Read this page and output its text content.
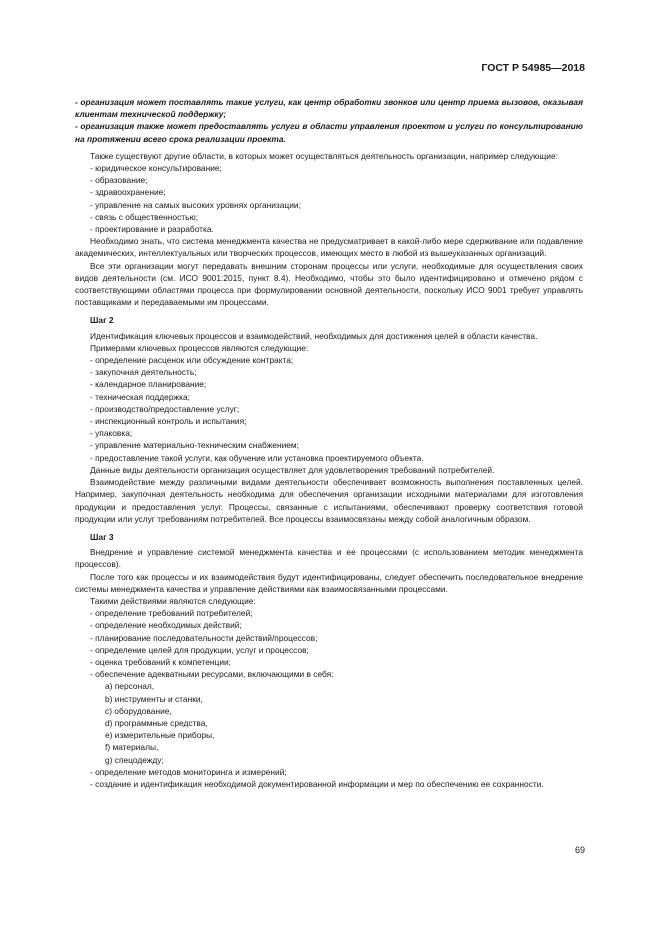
ГОСТ Р 54985—2018

- организация может поставлять такие услуги, как центр обработки звонков или центр приема вызовов, оказывая клиентам технической поддержку;

- организация также может предоставлять услуги в области управления проектом и услуги по консультированию на протяжении всего срока реализации проекта.

Также существуют другие области, в которых может осуществляться деятельность организации, например следующие:

- юридическое консультирование;

- образование;

- здравоохранение;

- управление на самых высоких уровнях организации;

- связь с общественностью;

- проектирование и разработка.

Необходимо знать, что система менеджмента качества не предусматривает в какой-либо мере сдерживание или подавление академических, интеллектуальных или творческих процессов, имеющих место в любой из вышеуказанных организаций.

Все эти организации могут передавать внешним сторонам процессы или услуги, необходимые для осуществления своих видов деятельности (см. ИСО 9001:2015, пункт 8.4). Необходимо, чтобы это было идентифицировано и отмечено рядом с соответствующими областями процесса при формулировании основной деятельности, поскольку ИСО 9001 требует управлять поставщиками и передаваемыми им процессами.

Шаг 2

Идентификация ключевых процессов и взаимодействий, необходимых для достижения целей в области качества.

Примерами ключевых процессов являются следующие:

- определение расценок или обсуждение контракта;

- закупочная деятельность;

- календарное планирование;

- техническая поддержка;

- производство/предоставление услуг;

- инспекционный контроль и испытания;

- упаковка;

- управление материально-техническим снабжением;

- предоставление такой услуги, как обучение или установка проектируемого объекта.

Данные виды деятельности организация осуществляет для удовлетворения требований потребителей.

Взаимодействие между различными видами деятельности обеспечивает возможность выполнения поставленных целей. Например, закупочная деятельность необходима для обеспечения организации исходными материалами для изготовления продукции и предоставления услуг. Процессы, связанные с испытаниями, обеспечивают проверку соответствия готовой продукции или услуг требованиям потребителей. Все процессы взаимосвязаны между собой аналогичным образом.

Шаг 3

Внедрение и управление системой менеджмента качества и ее процессами (с использованием методик менеджмента процессов).

После того как процессы и их взаимодействия будут идентифицированы, следует обеспечить последовательное внедрение системы менеджмента качества и управление действиями как взаимосвязанными процессами.

Такими действиями являются следующие:

- определение требований потребителей;

- определение необходимых действий;

- планирование последовательности действий/процессов;

- определение целей для продукции, услуг и процессов;

- оценка требований к компетенции;

- обеспечение адекватными ресурсами, включающими в себя:

a) персонал,

b) инструменты и станки,

c) оборудование,

d) программные средства,

e) измерительные приборы,

f) материалы,

g) спецодежду;

- определение методов мониторинга и измерений;

- создание и идентификация необходимой документированной информации и мер по обеспечению ее сохранности.

69
